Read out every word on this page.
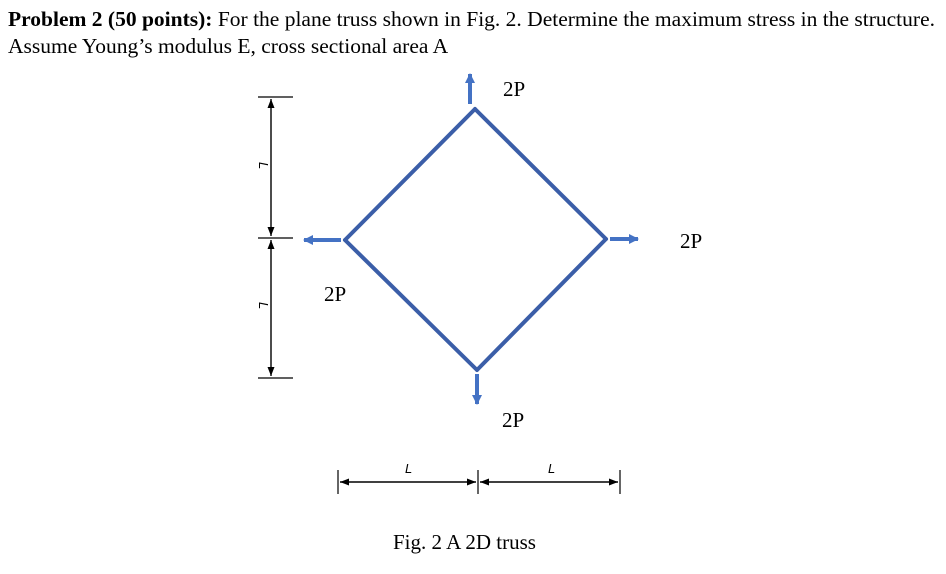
Problem 2 (50 points): For the plane truss shown in Fig. 2. Determine the maximum stress in the structure. Assume Young’s modulus E, cross sectional area A
2P
2P
2P
2P
L
L
L	L
Fig. 2 A 2D truss
